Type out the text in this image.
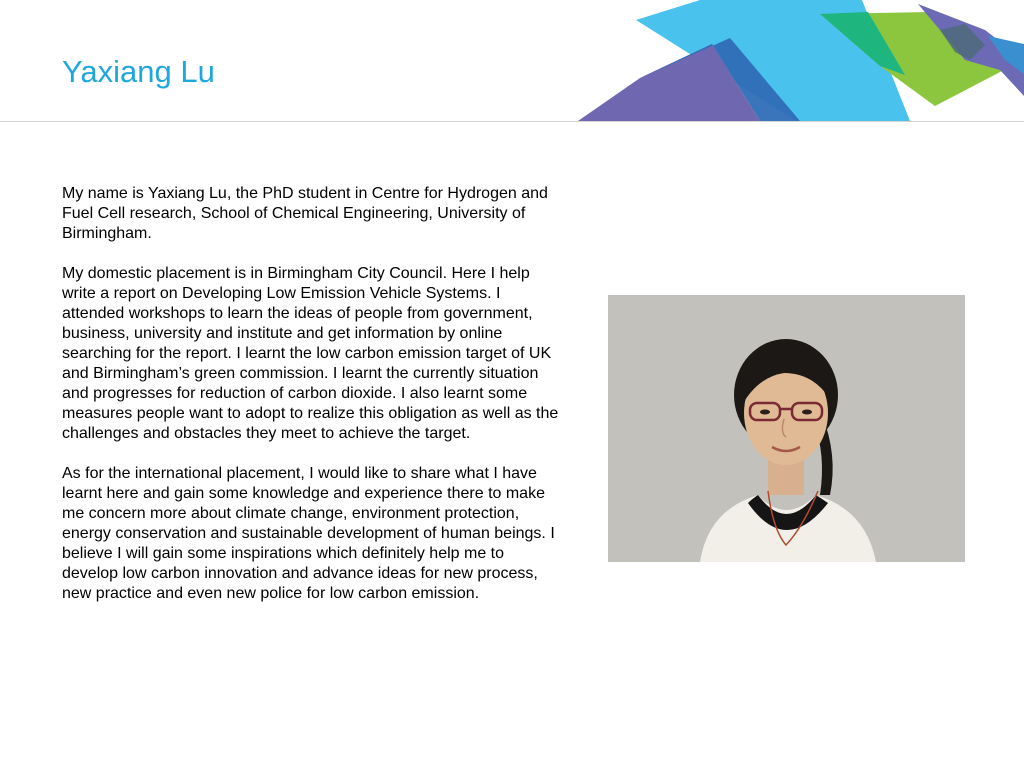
Yaxiang Lu

My name is Yaxiang Lu, the PhD student in Centre for Hydrogen and Fuel Cell research, School of Chemical Engineering, University of Birmingham.

My domestic placement is in Birmingham City Council. Here I help write a report on Developing Low Emission Vehicle Systems. I attended workshops to learn the ideas of people from government, business, university and institute and get information by online searching for the report. I learnt the low carbon emission target of UK and Birmingham’s green commission. I learnt the currently situation and progresses for reduction of carbon dioxide. I also learnt some measures people want to adopt to realize this obligation as well as the challenges and obstacles they meet to achieve the target.

As for the international placement, I would like to share what I have learnt here and gain some knowledge and experience there to make me concern more about climate change, environment protection, energy conservation and sustainable development of human beings. I believe I will gain some inspirations which definitely help me to develop low carbon innovation and advance ideas for new process, new practice and even new police for low carbon emission.
